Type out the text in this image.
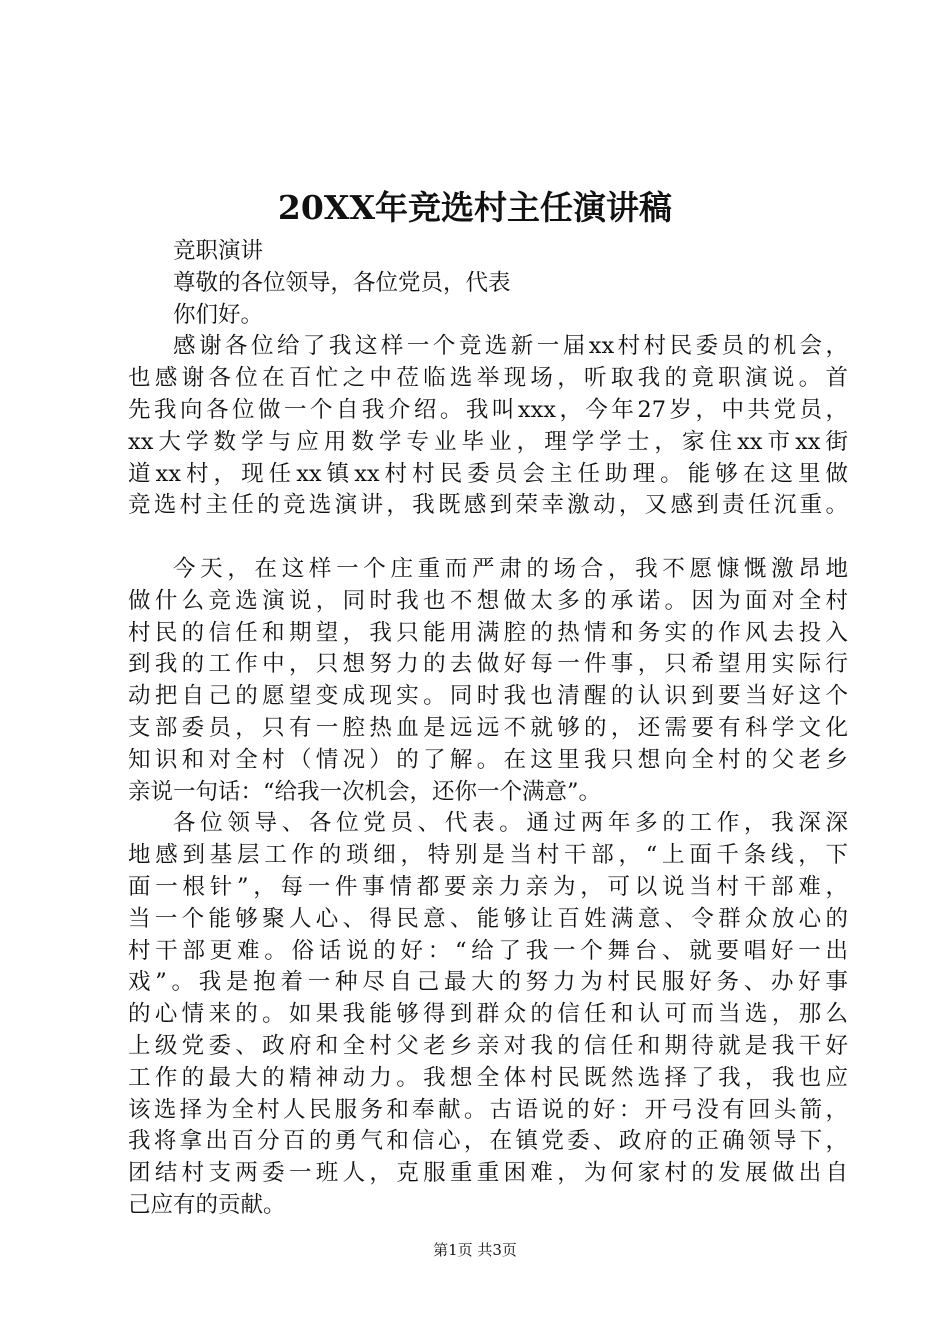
20XX年竞选村主任演讲稿

竞职演讲

尊敬的各位领导，各位党员，代表

你们好。

感谢各位给了我这样一个竞选新一届xx村村民委员的机会，
也感谢各位在百忙之中莅临选举现场，听取我的竟职演说。首
先我向各位做一个自我介绍。我叫xxx，今年27岁，中共党员，
xx大学数学与应用数学专业毕业，理学学士，家住xx市xx街
道xx村，现任xx镇xx村村民委员会主任助理。能够在这里做
竞选村主任的竞选演讲，我既感到荣幸激动，又感到责任沉重。
今天，在这样一个庄重而严肃的场合，我不愿慷慨激昂地
做什么竞选演说，同时我也不想做太多的承诺。因为面对全村
村民的信任和期望，我只能用满腔的热情和务实的作风去投入
到我的工作中，只想努力的去做好每一件事，只希望用实际行
动把自己的愿望变成现实。同时我也清醒的认识到要当好这个
支部委员，只有一腔热血是远远不就够的，还需要有科学文化
知识和对全村（情况）的了解。在这里我只想向全村的父老乡
亲说一句话：“给我一次机会，还你一个满意”。
各位领导、各位党员、代表。通过两年多的工作，我深深
地感到基层工作的琐细，特别是当村干部，“上面千条线，下
面一根针”，每一件事情都要亲力亲为，可以说当村干部难，
当一个能够聚人心、得民意、能够让百姓满意、令群众放心的
村干部更难。俗话说的好：“给了我一个舞台、就要唱好一出
戏”。我是抱着一种尽自己最大的努力为村民服好务、办好事
的心情来的。如果我能够得到群众的信任和认可而当选，那么
上级党委、政府和全村父老乡亲对我的信任和期待就是我干好
工作的最大的精神动力。我想全体村民既然选择了我，我也应
该选择为全村人民服务和奉献。古语说的好：开弓没有回头箭，
我将拿出百分百的勇气和信心，在镇党委、政府的正确领导下，
团结村支两委一班人，克服重重困难，为何家村的发展做出自
己应有的贡献。
第1页 共3页
